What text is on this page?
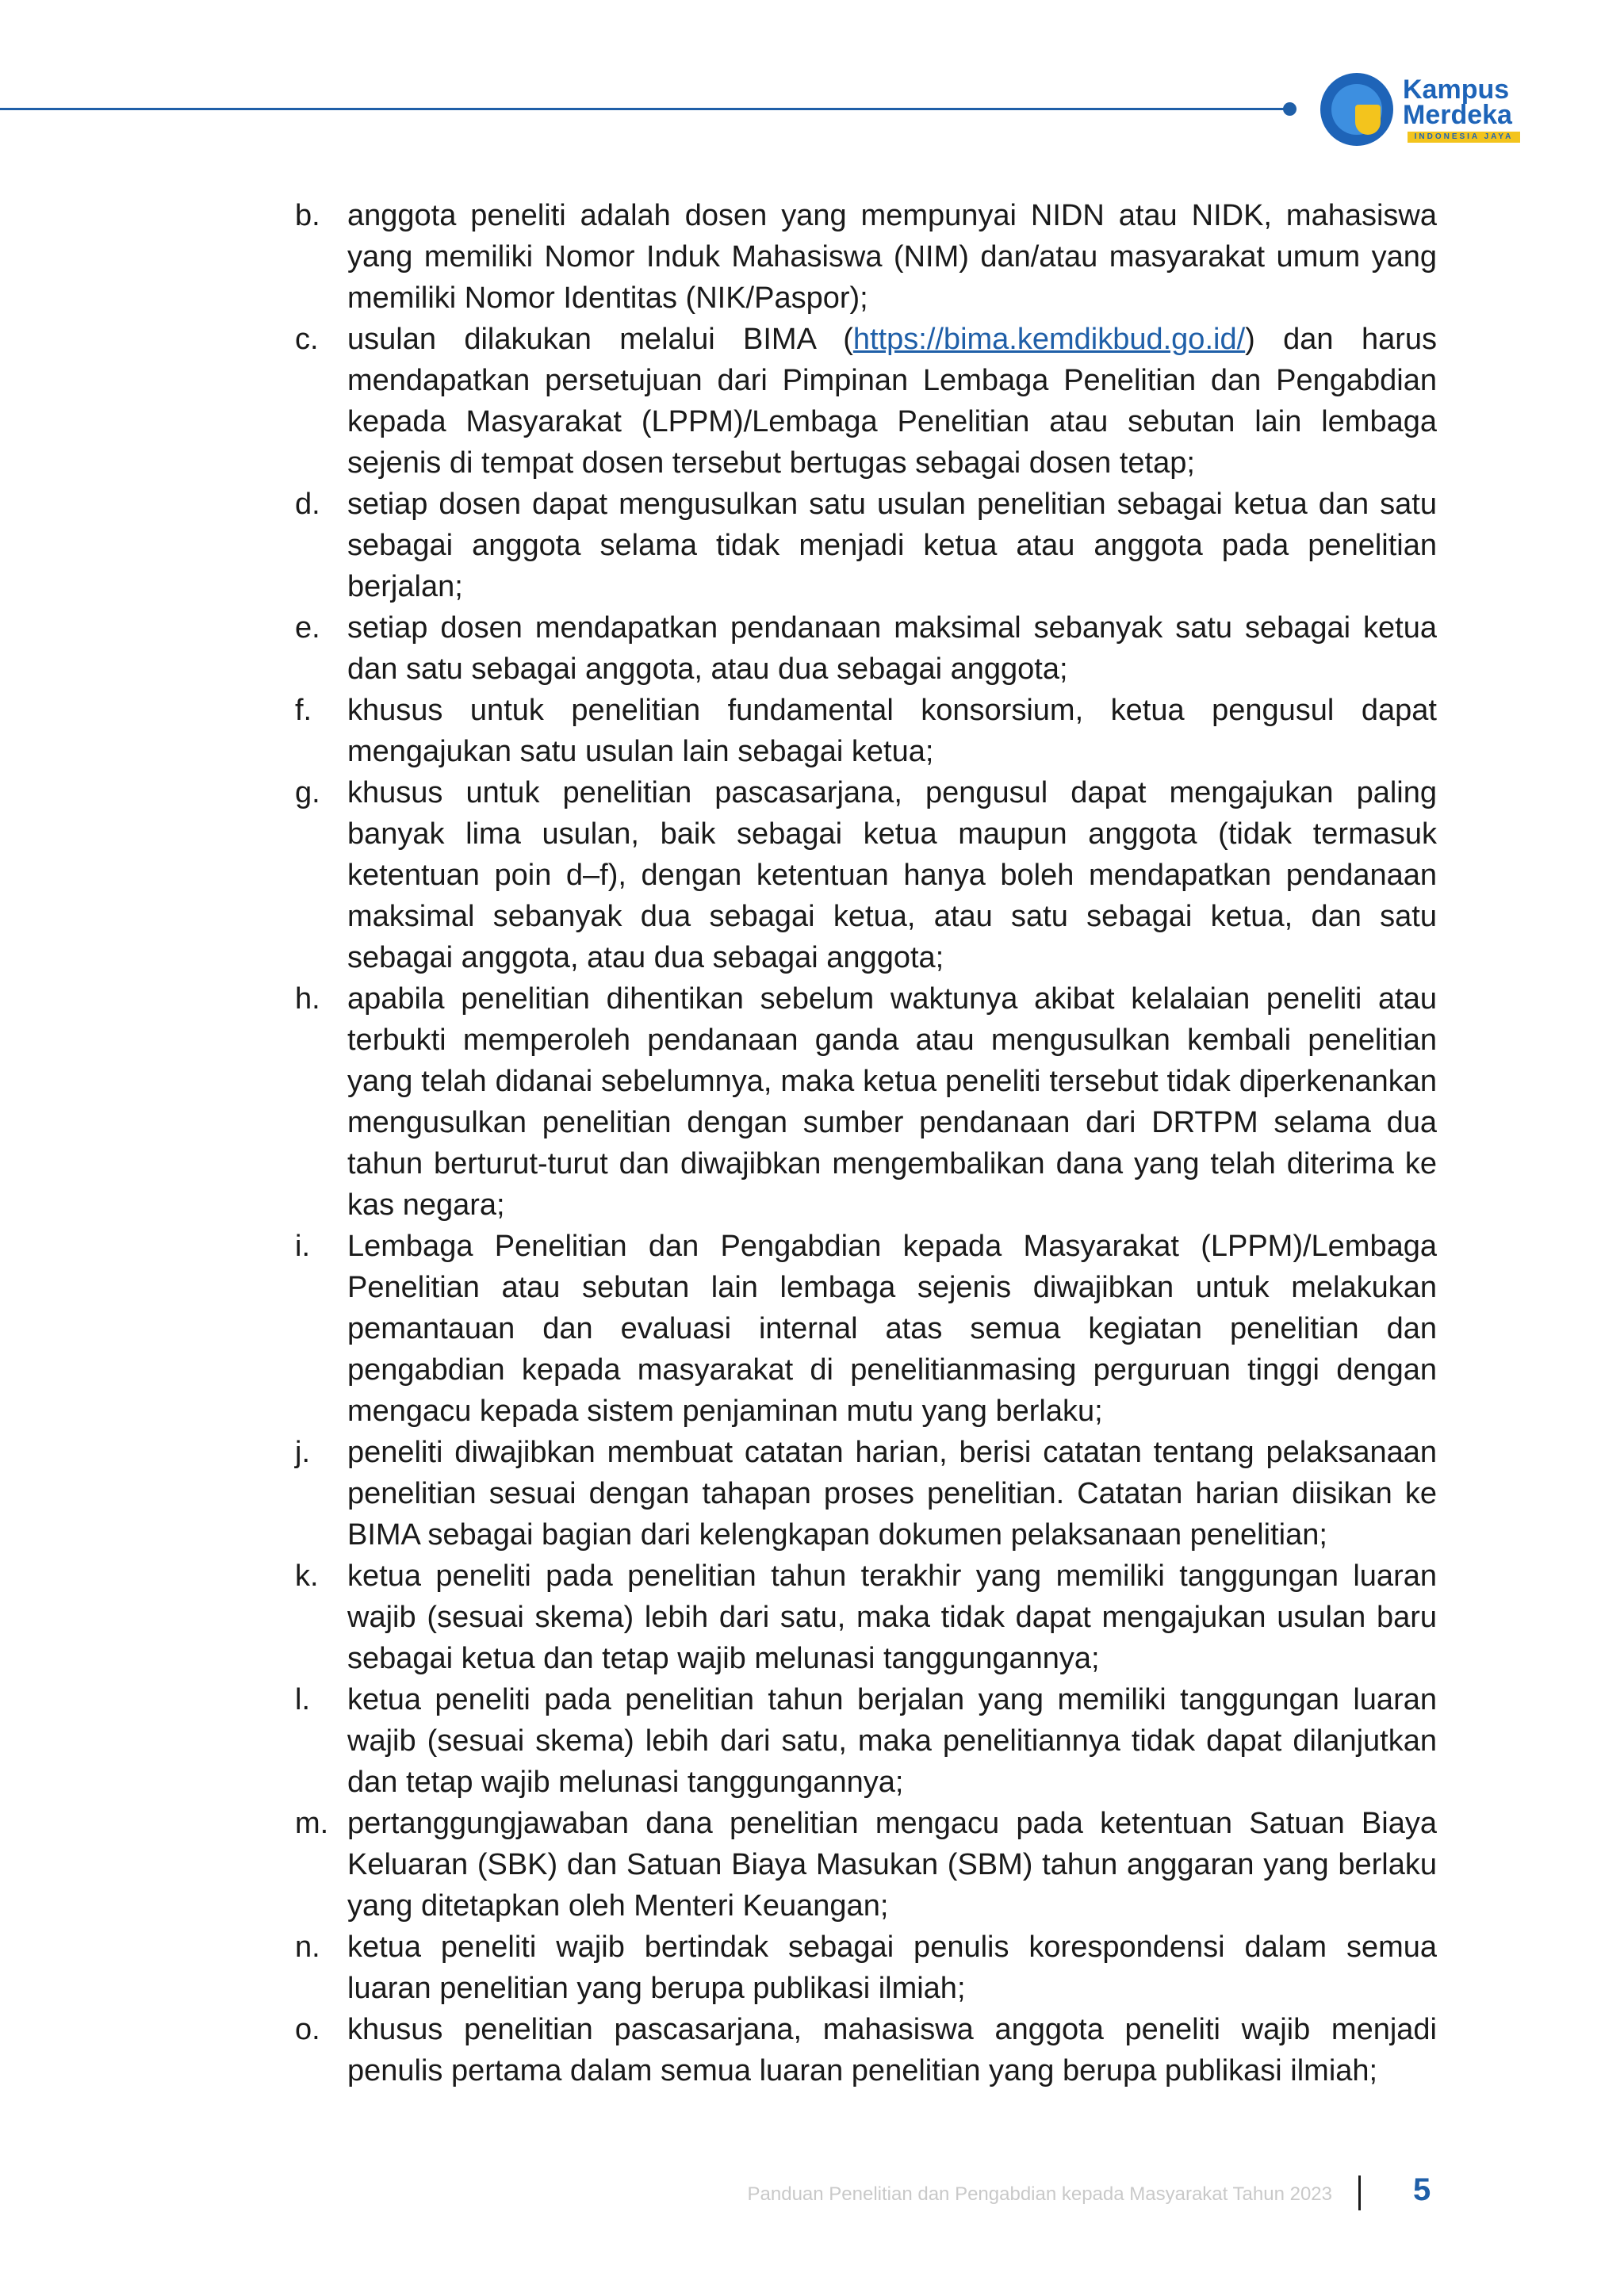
Kampus
Merdeka
INDONESIA JAYA
b. anggota peneliti adalah dosen yang mempunyai NIDN atau NIDK, mahasiswa yang memiliki Nomor Induk Mahasiswa (NIM) dan/atau masyarakat umum yang memiliki Nomor Identitas (NIK/Paspor);
c. usulan dilakukan melalui BIMA (https://bima.kemdikbud.go.id/) dan harus mendapatkan persetujuan dari Pimpinan Lembaga Penelitian dan Pengabdian kepada Masyarakat (LPPM)/Lembaga Penelitian atau sebutan lain lembaga sejenis di tempat dosen tersebut bertugas sebagai dosen tetap;
d. setiap dosen dapat mengusulkan satu usulan penelitian sebagai ketua dan satu sebagai anggota selama tidak menjadi ketua atau anggota pada penelitian berjalan;
e. setiap dosen mendapatkan pendanaan maksimal sebanyak satu sebagai ketua dan satu sebagai anggota, atau dua sebagai anggota;
f.	khusus untuk penelitian fundamental konsorsium, ketua pengusul dapat mengajukan satu usulan lain sebagai ketua;
g. khusus untuk penelitian pascasarjana, pengusul dapat mengajukan paling banyak lima usulan, baik sebagai ketua maupun anggota (tidak termasuk ketentuan poin d–f), dengan ketentuan hanya boleh mendapatkan pendanaan maksimal sebanyak dua sebagai ketua, atau satu sebagai ketua, dan satu sebagai anggota, atau dua sebagai anggota;
h. apabila penelitian dihentikan sebelum waktunya akibat kelalaian peneliti atau terbukti memperoleh pendanaan ganda atau mengusulkan kembali penelitian yang telah didanai sebelumnya, maka ketua peneliti tersebut tidak diperkenankan mengusulkan penelitian dengan sumber pendanaan dari DRTPM selama dua tahun berturut-turut dan diwajibkan mengembalikan dana yang telah diterima ke kas negara;
i.	Lembaga Penelitian dan Pengabdian kepada Masyarakat (LPPM)/Lembaga Penelitian atau sebutan lain lembaga sejenis diwajibkan untuk melakukan pemantauan dan evaluasi internal atas semua kegiatan penelitian dan pengabdian kepada masyarakat di penelitianmasing perguruan tinggi dengan mengacu kepada sistem penjaminan mutu yang berlaku;
j.	peneliti diwajibkan membuat catatan harian, berisi catatan tentang pelaksanaan penelitian sesuai dengan tahapan proses penelitian. Catatan harian diisikan ke BIMA sebagai bagian dari kelengkapan dokumen pelaksanaan penelitian;
k. ketua peneliti pada penelitian tahun terakhir yang memiliki tanggungan luaran wajib (sesuai skema) lebih dari satu, maka tidak dapat mengajukan usulan baru sebagai ketua dan tetap wajib melunasi tanggungannya;
l.	ketua peneliti pada penelitian tahun berjalan yang memiliki tanggungan luaran wajib (sesuai skema) lebih dari satu, maka penelitiannya tidak dapat dilanjutkan dan tetap wajib melunasi tanggungannya;
m. pertanggungjawaban dana penelitian mengacu pada ketentuan Satuan Biaya Keluaran (SBK) dan Satuan Biaya Masukan (SBM) tahun anggaran yang berlaku yang ditetapkan oleh Menteri Keuangan;
n. ketua peneliti wajib bertindak sebagai penulis korespondensi dalam semua luaran penelitian yang berupa publikasi ilmiah;
o. khusus penelitian pascasarjana, mahasiswa anggota peneliti wajib menjadi penulis pertama dalam semua luaran penelitian yang berupa publikasi ilmiah;
Panduan Penelitian dan Pengabdian kepada Masyarakat Tahun 2023	5
